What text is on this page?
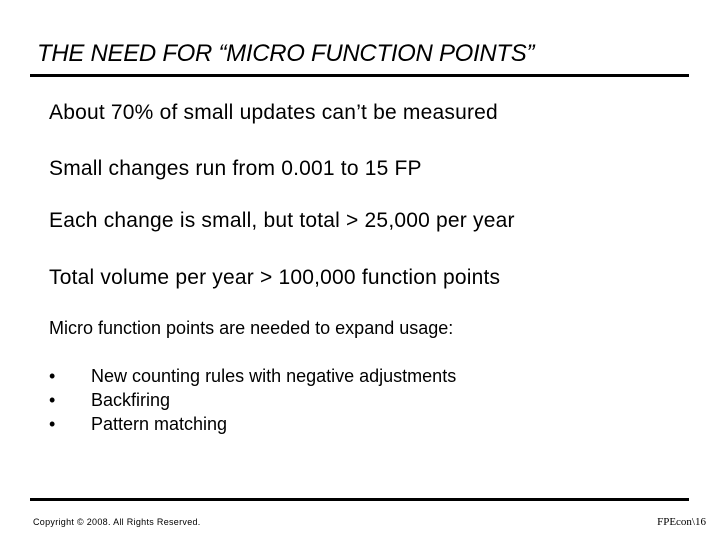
THE NEED FOR “MICRO FUNCTION POINTS”
About 70% of small updates can’t be measured
Small changes run from 0.001 to 15 FP
Each change is small, but total > 25,000 per year
Total volume per year > 100,000 function points
Micro function points are needed to expand usage:
•	New counting rules with negative adjustments
•	Backfiring
•	Pattern matching
Copyright © 2008. All Rights Reserved.	FPEcon\16
